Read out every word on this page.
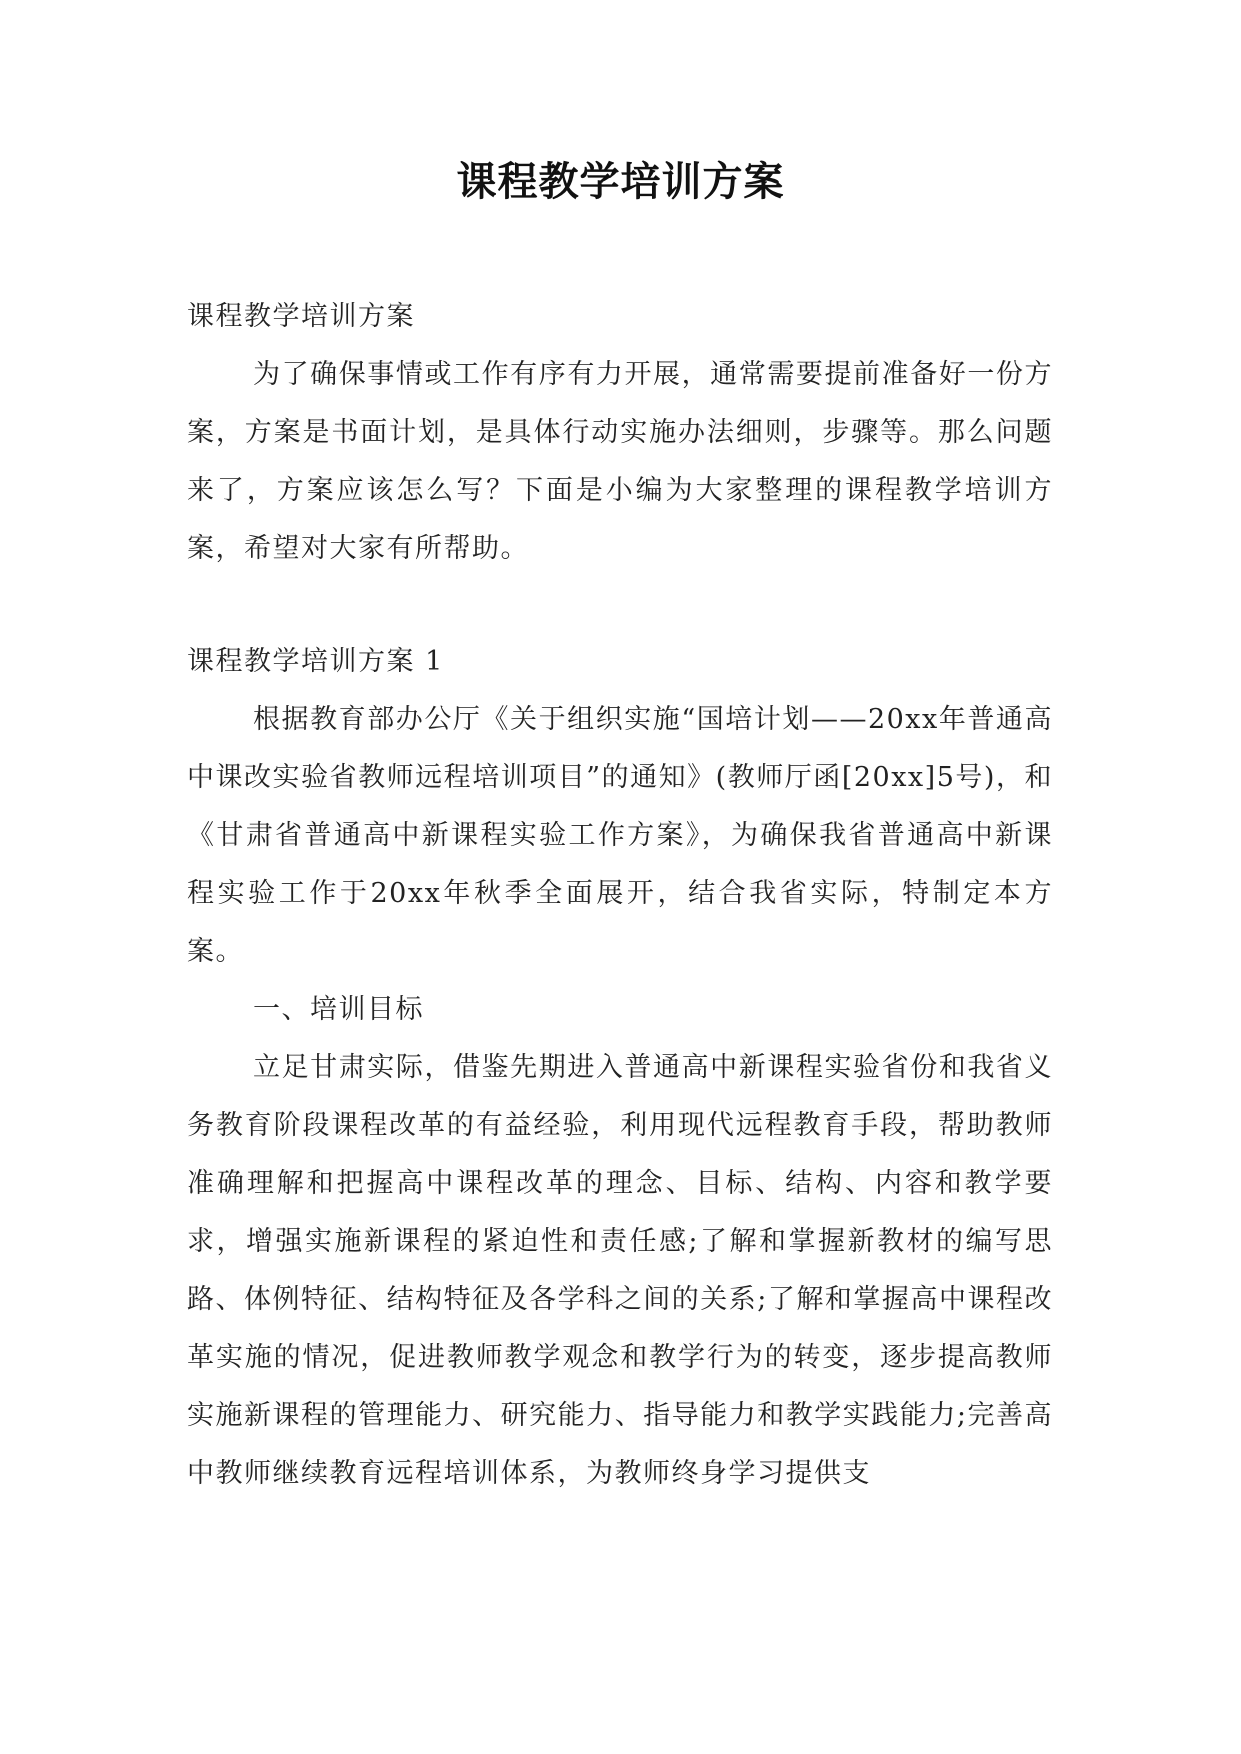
课程教学培训方案

课程教学培训方案

为了确保事情或工作有序有力开展，通常需要提前准备好一份方案，方案是书面计划，是具体行动实施办法细则，步骤等。那么问题来了，方案应该怎么写？下面是小编为大家整理的课程教学培训方案，希望对大家有所帮助。

课程教学培训方案 1

根据教育部办公厅《关于组织实施“国培计划——20xx年普通高中课改实验省教师远程培训项目”的通知》(教师厅函[20xx]5号)，和《甘肃省普通高中新课程实验工作方案》，为确保我省普通高中新课程实验工作于20xx年秋季全面展开，结合我省实际，特制定本方案。

一、培训目标

立足甘肃实际，借鉴先期进入普通高中新课程实验省份和我省义务教育阶段课程改革的有益经验，利用现代远程教育手段，帮助教师准确理解和把握高中课程改革的理念、目标、结构、内容和教学要求，增强实施新课程的紧迫性和责任感;了解和掌握新教材的编写思路、体例特征、结构特征及各学科之间的关系;了解和掌握高中课程改革实施的情况，促进教师教学观念和教学行为的转变，逐步提高教师实施新课程的管理能力、研究能力、指导能力和教学实践能力;完善高中教师继续教育远程培训体系，为教师终身学习提供支
